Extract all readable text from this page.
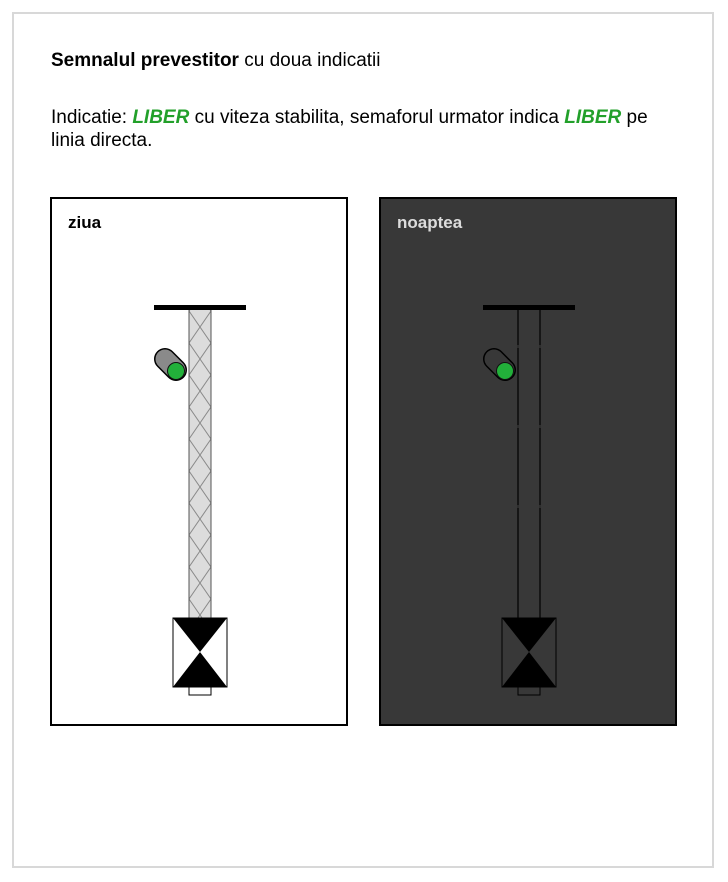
Semnalul prevestitor cu doua indicatii
Indicatie: LIBER cu viteza stabilita, semaforul urmator indica LIBER pe linia directa.
ziua	noaptea
